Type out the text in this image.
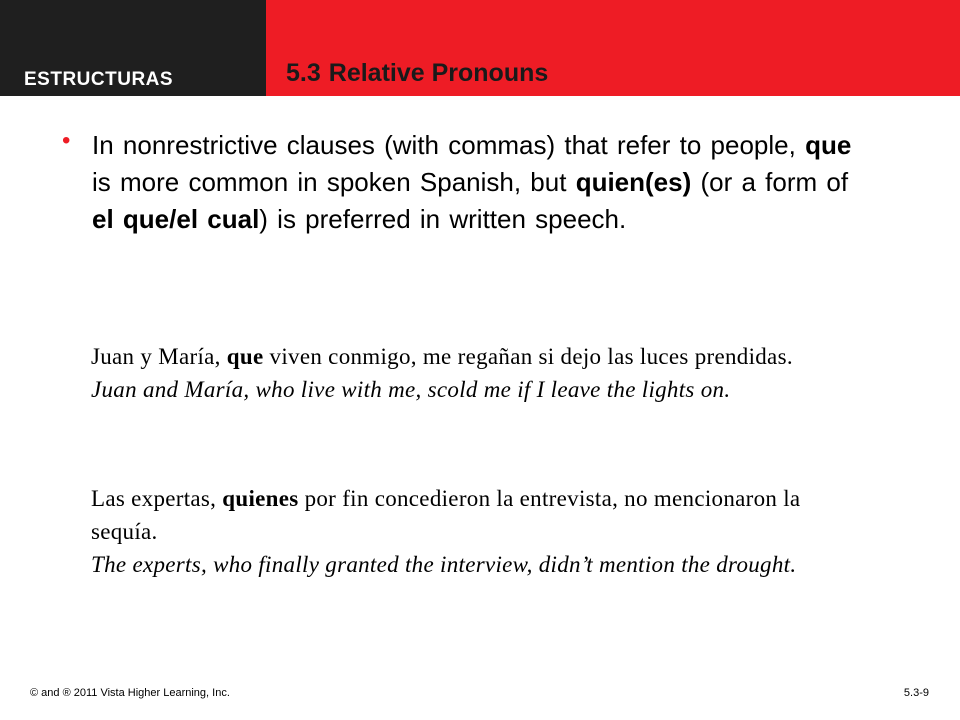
ESTRUCTURAS	5.3 Relative Pronouns
• In nonrestrictive clauses (with commas) that refer to people, que is more common in spoken Spanish, but quien(es) (or a form of el que/el cual) is preferred in written speech.
Juan y María, que viven conmigo, me regañan si dejo las luces prendidas.
Juan and María, who live with me, scold me if I leave the lights on.
Las expertas, quienes por fin concedieron la entrevista, no mencionaron la sequía.
The experts, who finally granted the interview, didn’t mention the drought.
© and ® 2011 Vista Higher Learning, Inc.	5.3-9
